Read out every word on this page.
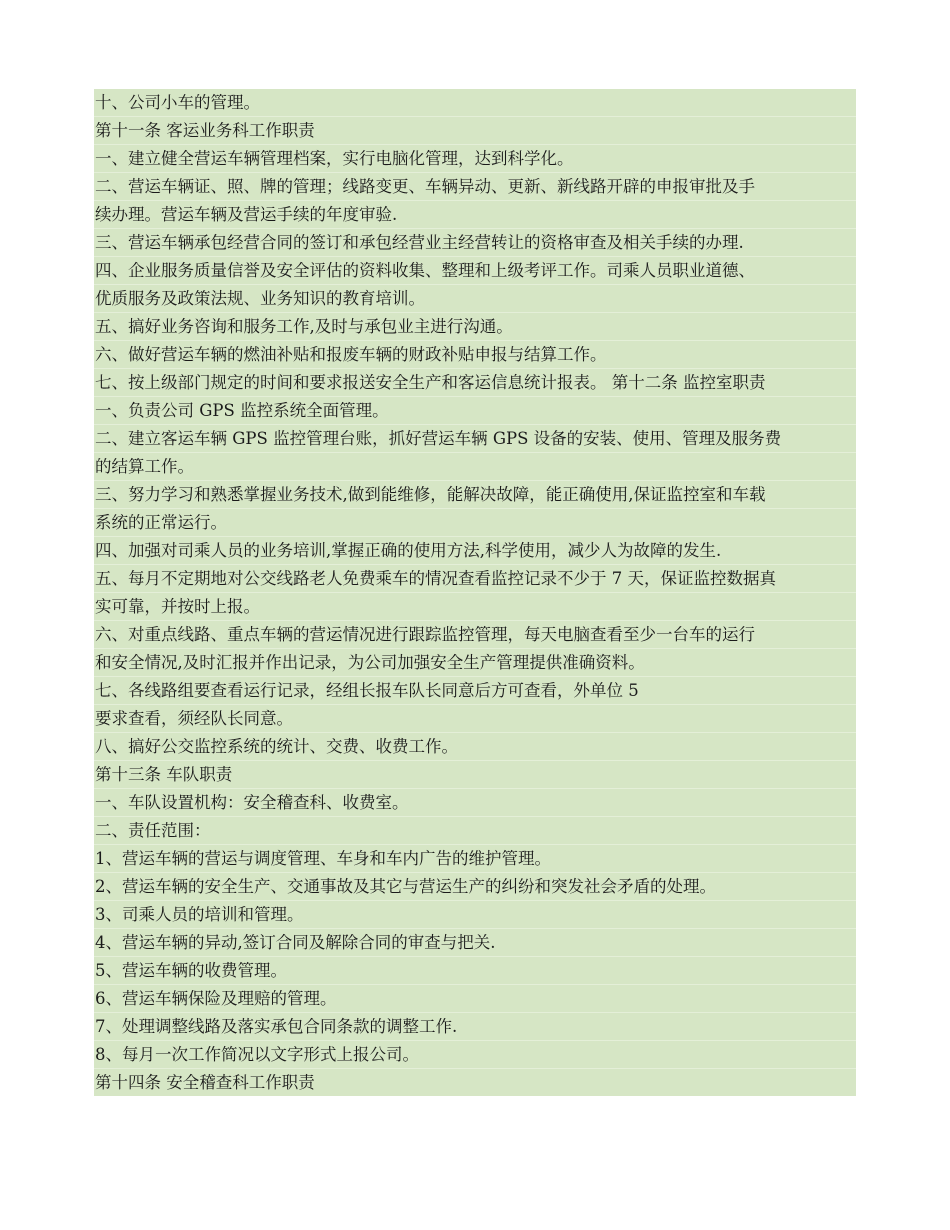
十、公司小车的管理。
第十一条 客运业务科工作职责
一、建立健全营运车辆管理档案，实行电脑化管理，达到科学化。
二、营运车辆证、照、牌的管理；线路变更、车辆异动、更新、新线路开辟的申报审批及手
续办理。营运车辆及营运手续的年度审验.
三、营运车辆承包经营合同的签订和承包经营业主经营转让的资格审查及相关手续的办理.
四、企业服务质量信誉及安全评估的资料收集、整理和上级考评工作。司乘人员职业道德、
优质服务及政策法规、业务知识的教育培训。
五、搞好业务咨询和服务工作,及时与承包业主进行沟通。
六、做好营运车辆的燃油补贴和报废车辆的财政补贴申报与结算工作。
七、按上级部门规定的时间和要求报送安全生产和客运信息统计报表。 第十二条 监控室职责
一、负责公司 GPS 监控系统全面管理。
二、建立客运车辆 GPS 监控管理台账，抓好营运车辆 GPS 设备的安装、使用、管理及服务费
的结算工作。
三、努力学习和熟悉掌握业务技术,做到能维修，能解决故障，能正确使用,保证监控室和车载
系统的正常运行。
四、加强对司乘人员的业务培训,掌握正确的使用方法,科学使用，减少人为故障的发生.
五、每月不定期地对公交线路老人免费乘车的情况查看监控记录不少于 7 天，保证监控数据真
实可靠，并按时上报。
六、对重点线路、重点车辆的营运情况进行跟踪监控管理，每天电脑查看至少一台车的运行
和安全情况,及时汇报并作出记录，为公司加强安全生产管理提供准确资料。
七、各线路组要查看运行记录，经组长报车队长同意后方可查看，外单位 5
要求查看，须经队长同意。
八、搞好公交监控系统的统计、交费、收费工作。
第十三条 车队职责
一、车队设置机构：安全稽查科、收费室。
二、责任范围：
1、营运车辆的营运与调度管理、车身和车内广告的维护管理。
2、营运车辆的安全生产、交通事故及其它与营运生产的纠纷和突发社会矛盾的处理。
3、司乘人员的培训和管理。
4、营运车辆的异动,签订合同及解除合同的审查与把关.
5、营运车辆的收费管理。
6、营运车辆保险及理赔的管理。
7、处理调整线路及落实承包合同条款的调整工作.
8、每月一次工作简况以文字形式上报公司。
第十四条 安全稽查科工作职责
